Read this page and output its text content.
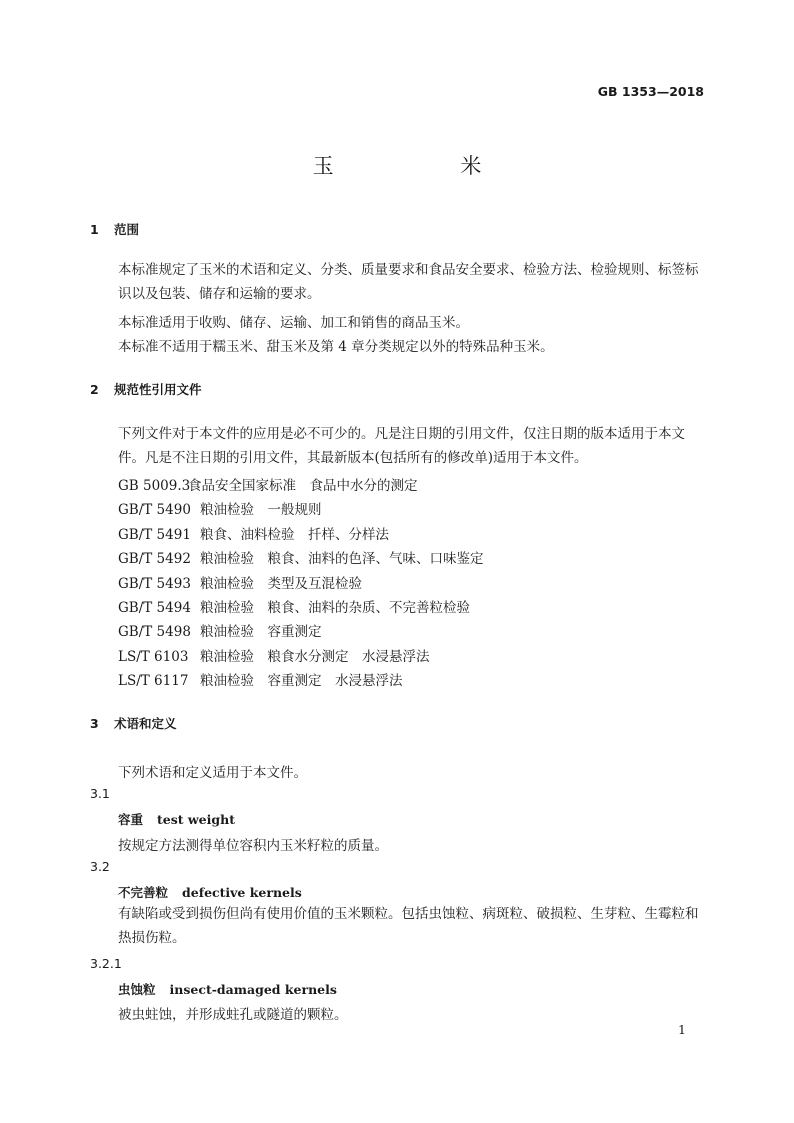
GB 1353—2018
玉 米
1 范围
本标准规定了玉米的术语和定义、分类、质量要求和食品安全要求、检验方法、检验规则、标签标识以及包装、储存和运输的要求。
本标准适用于收购、储存、运输、加工和销售的商品玉米。
本标准不适用于糯玉米、甜玉米及第 4 章分类规定以外的特殊品种玉米。
2 规范性引用文件
下列文件对于本文件的应用是必不可少的。凡是注日期的引用文件，仅注日期的版本适用于本文件。凡是不注日期的引用文件，其最新版本(包括所有的修改单)适用于本文件。
GB 5009.3食品安全国家标准　食品中水分的测定
GB/T 5490 粮油检验　一般规则
GB/T 5491 粮食、油料检验　扦样、分样法
GB/T 5492 粮油检验　粮食、油料的色泽、气味、口味鉴定
GB/T 5493 粮油检验　类型及互混检验
GB/T 5494 粮油检验　粮食、油料的杂质、不完善粒检验
GB/T 5498 粮油检验　容重测定
LS/T 6103 粮油检验　粮食水分测定　水浸悬浮法
LS/T 6117 粮油检验　容重测定　水浸悬浮法
3 术语和定义
下列术语和定义适用于本文件。
3.1
容重 test weight
按规定方法测得单位容积内玉米籽粒的质量。
3.2
不完善粒 defective kernels
有缺陷或受到损伤但尚有使用价值的玉米颗粒。包括虫蚀粒、病斑粒、破损粒、生芽粒、生霉粒和热损伤粒。
3.2.1
虫蚀粒 insect-damaged kernels
被虫蛀蚀，并形成蛀孔或隧道的颗粒。
1
